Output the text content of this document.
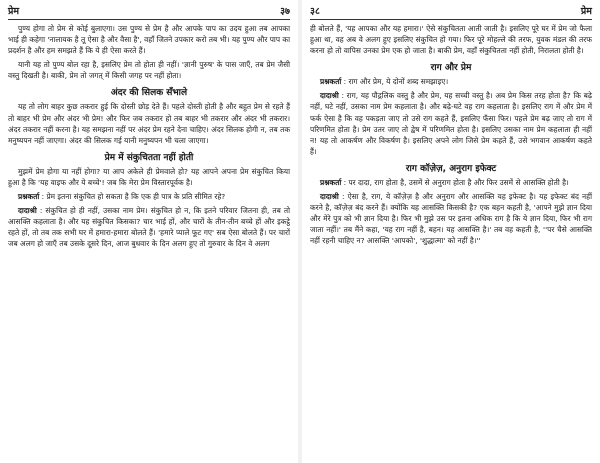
प्रेम	३७

पुण्य होगा तो प्रेम से कोई बुलाएगा। उस पुण्य से प्रेम है और आपके पाप का उदय हुआ तब आपका भाई ही कहेगा 'नालायक है तू ऐसा है और वैसा है', वहाँ जितने उपकार करो तब भी। यह पुण्य और पाप का प्रदर्शन है और हम समझते हैं कि ये ही ऐसा करते हैं।

यानी यह तो पुण्य बोल रहा है, इसलिए प्रेम तो होता ही नहीं। 'ज्ञानी पुरुष' के पास जाएँ, तब प्रेम जैसी वस्तु दिखती है। बाकी, प्रेम तो जगत् में किसी जगह पर नहीं होता।

अंदर की सिलक सँभाले

यह तो लोग बाहर कुछ तकरार हुई कि दोस्ती छोड़ देते हैं। पहले दोस्ती होती है और बहुत प्रेम से रहते हैं तो बाहर भी प्रेम और अंदर भी प्रेम! और फिर जब तकरार हो तब बाहर भी तकरार और अंदर भी तकरार। अंदर तकरार नहीं करना है। यह समझना नहीं पर अंदर प्रेम रहने देना चाहिए। अंदर सिलक होगी न, तब तक मनुष्यपन नहीं जाएगा। अंदर की सिलक गई यानी मनुष्यपन भी चला जाएगा।

प्रेम में संकुचितता नहीं होती

मुझमें प्रेम होगा या नहीं होगा? या आप अकेले ही प्रेमवाले हो? यह आपने अपना प्रेम संकुचित किया हुआ है कि 'यह वाइफ और ये बच्चे'! जब कि मेरा प्रेम विस्तारपूर्वक है।

प्रश्नकर्ता : प्रेम इतना संकुचित हो सकता है कि एक ही पात्र के प्रति सीमित रहे?

दादाश्री : संकुचित हो ही नहीं, उसका नाम प्रेम। संकुचित हो न, कि इतने परिवार जितना ही, तब तो आसक्ति कहलाता है। और यह संकुचित किसका? चार भाई हों, और चारों के तीन-तीन बच्चे हों और इकट्ठे रहते हों, तो तब तक सभी घर में हमारा-हमारा बोलते हैं। 'हमारे प्याले फूट गए' सब ऐसा बोलते हैं। पर चारों जब अलग हो जाएँ तब उसके दूसरे दिन, आज बुधवार के दिन अलग हुए तो गुरुवार के दिन वे अलग

३८	प्रेम

ही बोलते हैं, 'यह आपका और यह हमारा।' ऐसे संकुचितता आती जाती है। इसलिए पूरे घर में प्रेम जो फैला हुआ था, वह अब वे अलग हुए इसलिए संकुचित हो गया। फिर पूरे मोहल्ले की तरफ, युवक मंडल की तरफ करना हो तो वापिस उनका प्रेम एक हो जाता है। बाकी प्रेम, वहाँ संकुचितता नहीं होती, निरालता होती है।

राग और प्रेम

प्रश्नकर्ता : राग और प्रेम, ये दोनों शब्द समझाइए।

दादाश्री : राग, यह पौद्गलिक वस्तु है और प्रेम, यह सच्ची वस्तु है। अब प्रेम किस तरह होता है? कि बढ़े नहीं, घटे नहीं, उसका नाम प्रेम कहलाता है। और बढ़े-घटे वह राग कहलाता है। इसलिए राग में और प्रेम में फर्क ऐसा है कि वह पकड़ता जाए तो उसे राग कहते हैं, इसलिए फँसा फिर। पहले प्रेम बढ़ जाए तो राग में परिणमित होता है। प्रेम उतर जाए तो द्वेष में परिणमित होता है। इसलिए उसका नाम प्रेम कहलाता ही नहीं न! यह तो आकर्षण और विकर्षण है। इसलिए अपने लोग जिसे प्रेम कहते हैं, उसे भगवान आकर्षण कहते हैं।

राग कॉज़ेज़, अनुराग इफेक्ट

प्रश्नकर्ता : पर दादा, राग होता है, उसमें से अनुराग होता है और फिर उसमें से आसक्ति होती है।

दादाश्री : ऐसा है, राग, ये कॉज़ेज़ है और अनुराग और आसक्ति यह इफेक्ट है। यह इफेक्ट बंद नहीं करने है, कॉज़ेज़ बंद करने हैं। क्योंकि यह आसक्ति किसकी है? एक बहन कहती है, 'आपने मुझे ज्ञान दिया और मेरे पुत्र को भी ज्ञान दिया है। फिर भी मुझे उस पर इतना अधिक राग है कि ये ज्ञान दिया, फिर भी राग जाता नहीं।' तब मैंने कहा, 'यह राग नहीं है, बहन। यह आसक्ति है।' तब वह कहती है, ''पर चैसे आसक्ति नहीं रहनी चाहिए न? आसक्ति 'आपको', 'शुद्धात्मा' को नहीं है।''
